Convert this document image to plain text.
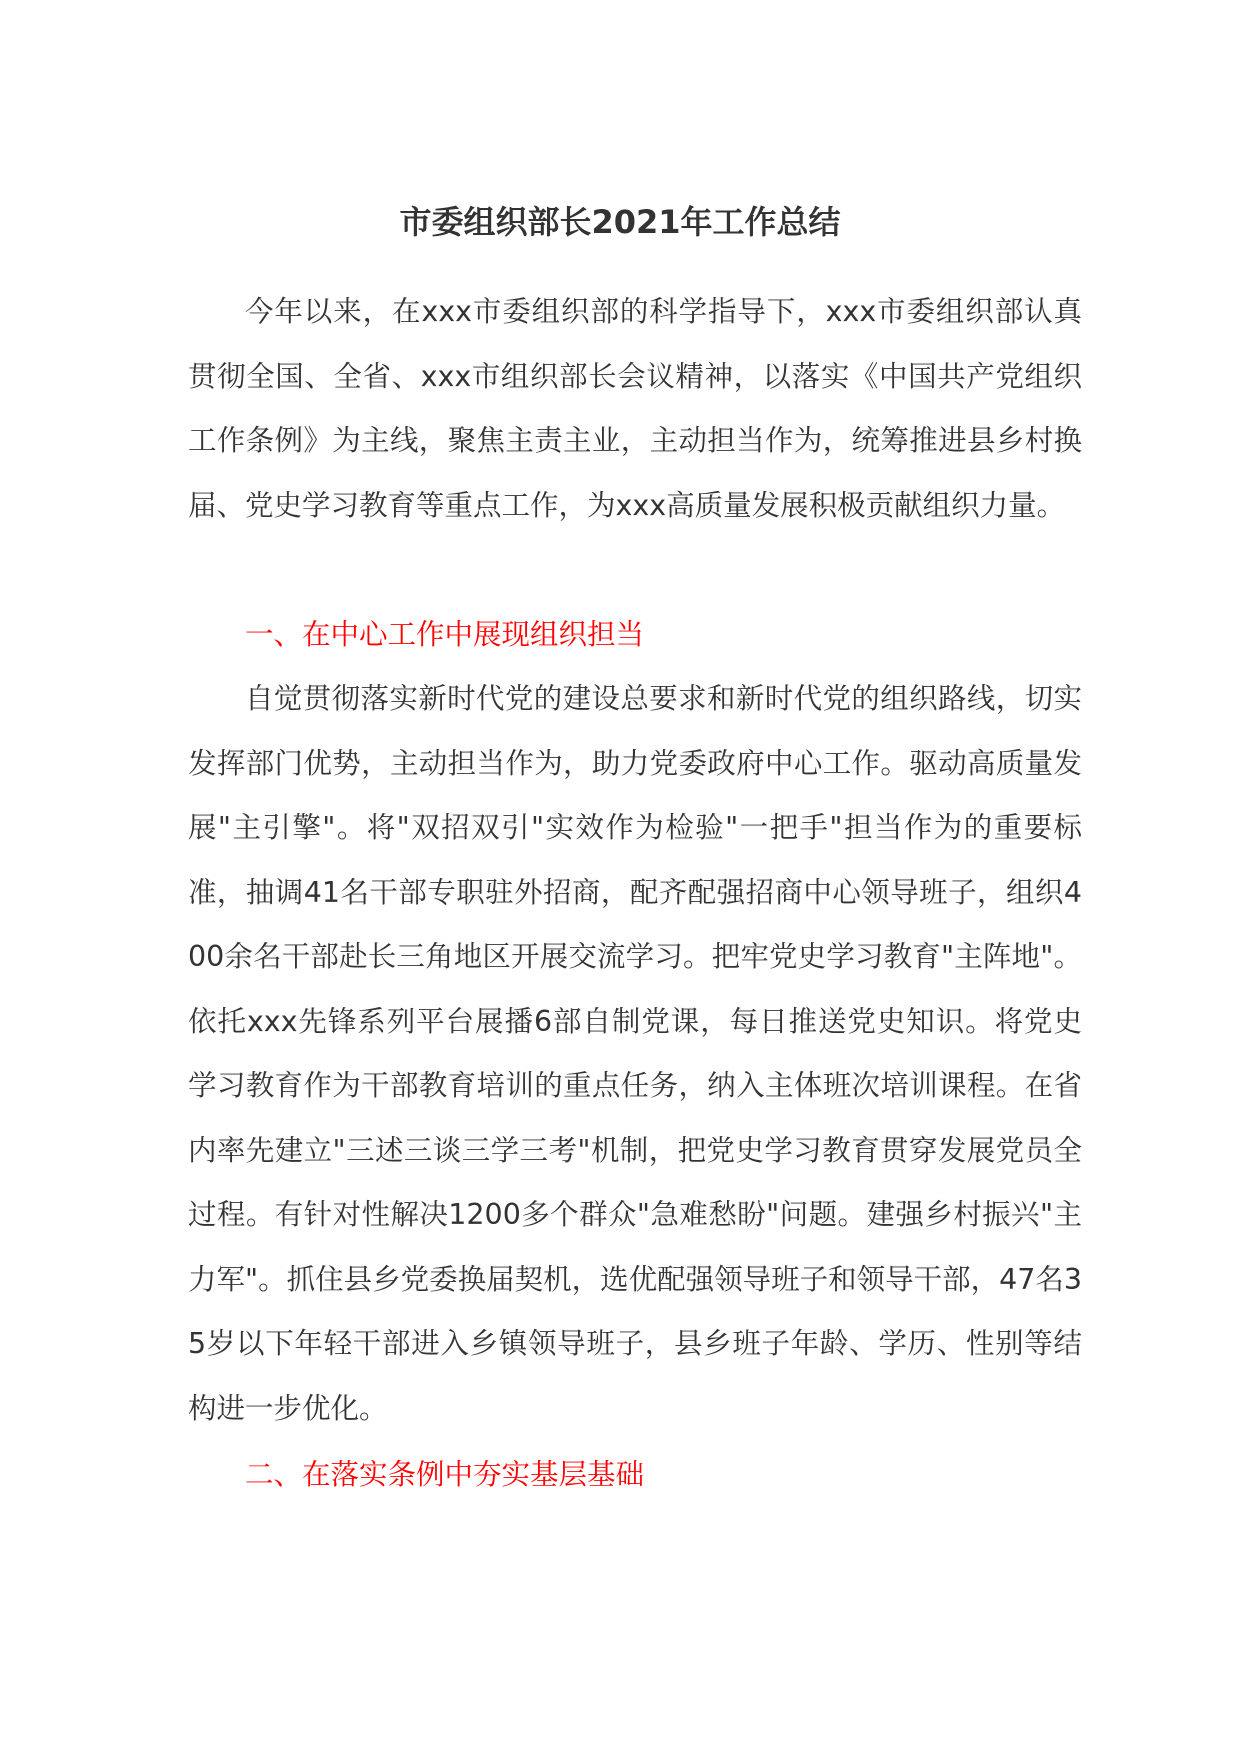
市委组织部长2021年工作总结

今年以来，在xxx市委组织部的科学指导下，xxx市委组织部认真贯彻全国、全省、xxx市组织部长会议精神，以落实《中国共产党组织工作条例》为主线，聚焦主责主业，主动担当作为，统筹推进县乡村换届、党史学习教育等重点工作，为xxx高质量发展积极贡献组织力量。

一、在中心工作中展现组织担当

自觉贯彻落实新时代党的建设总要求和新时代党的组织路线，切实发挥部门优势，主动担当作为，助力党委政府中心工作。驱动高质量发展"主引擎"。将"双招双引"实效作为检验"一把手"担当作为的重要标准，抽调41名干部专职驻外招商，配齐配强招商中心领导班子，组织400余名干部赴长三角地区开展交流学习。把牢党史学习教育"主阵地"。依托xxx先锋系列平台展播6部自制党课，每日推送党史知识。将党史学习教育作为干部教育培训的重点任务，纳入主体班次培训课程。在省内率先建立"三述三谈三学三考"机制，把党史学习教育贯穿发展党员全过程。有针对性解决1200多个群众"急难愁盼"问题。建强乡村振兴"主力军"。抓住县乡党委换届契机，选优配强领导班子和领导干部，47名35岁以下年轻干部进入乡镇领导班子，县乡班子年龄、学历、性别等结构进一步优化。

二、在落实条例中夯实基层基础
